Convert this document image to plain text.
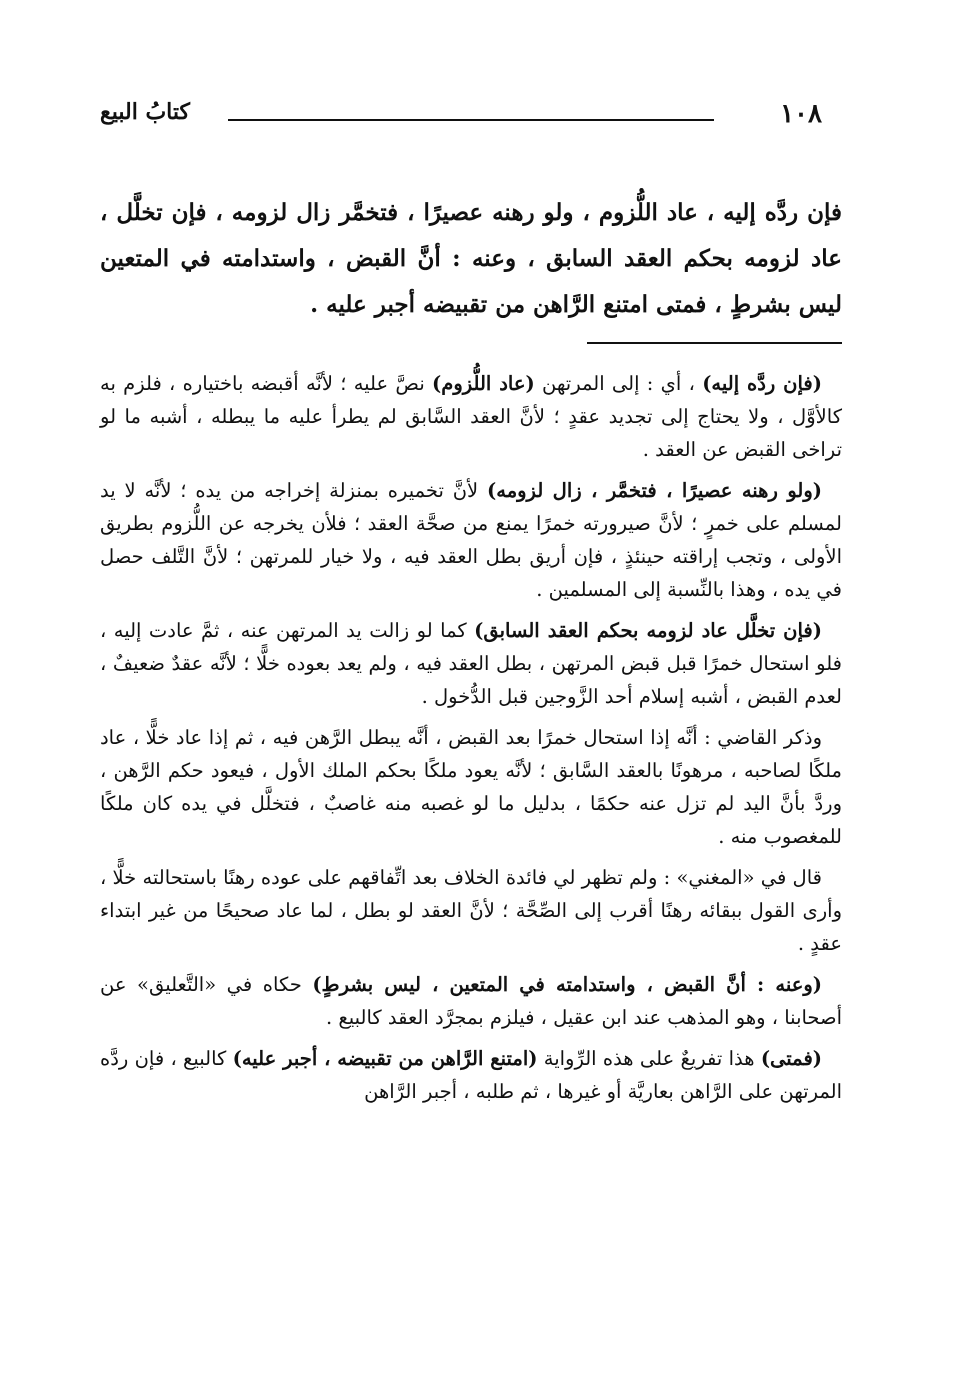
١٠٨
كتابُ البيع
فإن ردَّه إليه ، عاد اللُّزوم ، ولو رهنه عصيرًا ، فتخمَّر زال لزومه ، فإن تخلَّل ، عاد لزومه بحكم العقد السابق ، وعنه : أنَّ القبض ، واستدامته في المتعين ليس بشرطٍ ، فمتى امتنع الرَّاهن من تقبيضه أجبر عليه .

(فإن ردَّه إليه) ، أي : إلى المرتهن (عاد اللُّزوم) نصَّ عليه ؛ لأنَّه أقبضه باختياره ، فلزم به كالأوَّل ، ولا يحتاج إلى تجديد عقدٍ ؛ لأنَّ العقد السَّابق لم يطرأ عليه ما يبطله ، أشبه ما لو تراخى القبض عن العقد .

(ولو رهنه عصيرًا ، فتخمَّر ، زال لزومه) لأنَّ تخميره بمنزلة إخراجه من يده ؛ لأنَّه لا يد لمسلم على خمرٍ ؛ لأنَّ صيرورته خمرًا يمنع من صحَّة العقد ؛ فلأن يخرجه عن اللُّزوم بطريق الأولى ، وتجب إراقته حينئذٍ ، فإن أريق بطل العقد فيه ، ولا خيار للمرتهن ؛ لأنَّ التَّلف حصل في يده ، وهذا بالنِّسبة إلى المسلمين .

(فإن تخلَّل عاد لزومه بحكم العقد السابق) كما لو زالت يد المرتهن عنه ، ثمَّ عادت إليه ، فلو استحال خمرًا قبل قبض المرتهن ، بطل العقد فيه ، ولم يعد بعوده خلًّا ؛ لأنَّه عقدٌ ضعيفٌ ، لعدم القبض ، أشبه إسلام أحد الزَّوجين قبل الدُّخول .

وذكر القاضي : أنَّه إذا استحال خمرًا بعد القبض ، أنَّه يبطل الرَّهن فيه ، ثم إذا عاد خلًّا ، عاد ملكًا لصاحبه ، مرهونًا بالعقد السَّابق ؛ لأنَّه يعود ملكًا بحكم الملك الأول ، فيعود حكم الرَّهن ، وردَّ بأنَّ اليد لم تزل عنه حكمًا ، بدليل ما لو غصبه منه غاصبٌ ، فتخلَّل في يده كان ملكًا للمغصوب منه .

قال في «المغني» : ولم تظهر لي فائدة الخلاف بعد اتِّفاقهم على عوده رهنًا باستحالته خلًّا ، وأرى القول ببقائه رهنًا أقرب إلى الصِّحَّة ؛ لأنَّ العقد لو بطل ، لما عاد صحيحًا من غير ابتداء عقدٍ .

(وعنه : أنَّ القبض ، واستدامته في المتعين ، ليس بشرطٍ) حكاه في «التَّعليق» عن أصحابنا ، وهو المذهب عند ابن عقيل ، فيلزم بمجرَّد العقد كالبيع .

(فمتى) هذا تفريعٌ على هذه الرِّواية (امتنع الرَّاهن من تقبيضه ، أجبر عليه) كالبيع ، فإن ردَّه المرتهن على الرَّاهن بعاريَّة أو غيرها ، ثم طلبه ، أجبر الرَّاهن
